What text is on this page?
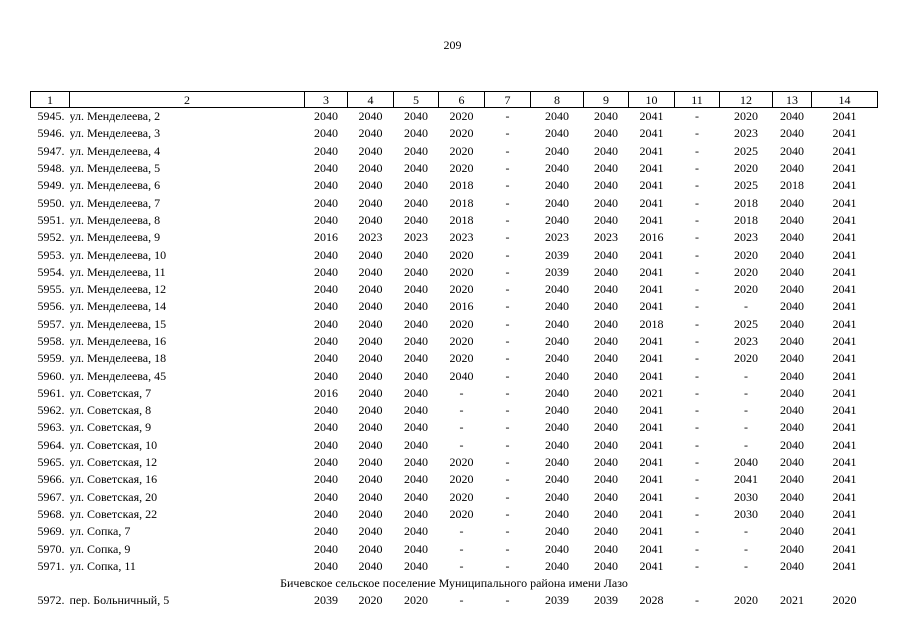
209
1	2	3	4	5	6	7	8	9	10	11	12	13	14
5945.	ул. Менделеева, 2	2040	2040	2040	2020	-	2040	2040	2041	-	2020	2040	2041
5946.	ул. Менделеева, 3	2040	2040	2040	2020	-	2040	2040	2041	-	2023	2040	2041
5947.	ул. Менделеева, 4	2040	2040	2040	2020	-	2040	2040	2041	-	2025	2040	2041
5948.	ул. Менделеева, 5	2040	2040	2040	2020	-	2040	2040	2041	-	2020	2040	2041
5949.	ул. Менделеева, 6	2040	2040	2040	2018	-	2040	2040	2041	-	2025	2018	2041
5950.	ул. Менделеева, 7	2040	2040	2040	2018	-	2040	2040	2041	-	2018	2040	2041
5951.	ул. Менделеева, 8	2040	2040	2040	2018	-	2040	2040	2041	-	2018	2040	2041
5952.	ул. Менделеева, 9	2016	2023	2023	2023	-	2023	2023	2016	-	2023	2040	2041
5953.	ул. Менделеева, 10	2040	2040	2040	2020	-	2039	2040	2041	-	2020	2040	2041
5954.	ул. Менделеева, 11	2040	2040	2040	2020	-	2039	2040	2041	-	2020	2040	2041
5955.	ул. Менделеева, 12	2040	2040	2040	2020	-	2040	2040	2041	-	2020	2040	2041
5956.	ул. Менделеева, 14	2040	2040	2040	2016	-	2040	2040	2041	-	-	2040	2041
5957.	ул. Менделеева, 15	2040	2040	2040	2020	-	2040	2040	2018	-	2025	2040	2041
5958.	ул. Менделеева, 16	2040	2040	2040	2020	-	2040	2040	2041	-	2023	2040	2041
5959.	ул. Менделеева, 18	2040	2040	2040	2020	-	2040	2040	2041	-	2020	2040	2041
5960.	ул. Менделеева, 45	2040	2040	2040	2040	-	2040	2040	2041	-	-	2040	2041
5961.	ул. Советская, 7	2016	2040	2040	-	-	2040	2040	2021	-	-	2040	2041
5962.	ул. Советская, 8	2040	2040	2040	-	-	2040	2040	2041	-	-	2040	2041
5963.	ул. Советская, 9	2040	2040	2040	-	-	2040	2040	2041	-	-	2040	2041
5964.	ул. Советская, 10	2040	2040	2040	-	-	2040	2040	2041	-	-	2040	2041
5965.	ул. Советская, 12	2040	2040	2040	2020	-	2040	2040	2041	-	2040	2040	2041
5966.	ул. Советская, 16	2040	2040	2040	2020	-	2040	2040	2041	-	2041	2040	2041
5967.	ул. Советская, 20	2040	2040	2040	2020	-	2040	2040	2041	-	2030	2040	2041
5968.	ул. Советская, 22	2040	2040	2040	2020	-	2040	2040	2041	-	2030	2040	2041
5969.	ул. Сопка, 7	2040	2040	2040	-	-	2040	2040	2041	-	-	2040	2041
5970.	ул. Сопка, 9	2040	2040	2040	-	-	2040	2040	2041	-	-	2040	2041
5971.	ул. Сопка, 11	2040	2040	2040	-	-	2040	2040	2041	-	-	2040	2041
Бичевское сельское поселение Муниципального района имени Лазо													
5972.	пер. Больничный, 5	2039	2020	2020	-	-	2039	2039	2028	-	2020	2021	2020
